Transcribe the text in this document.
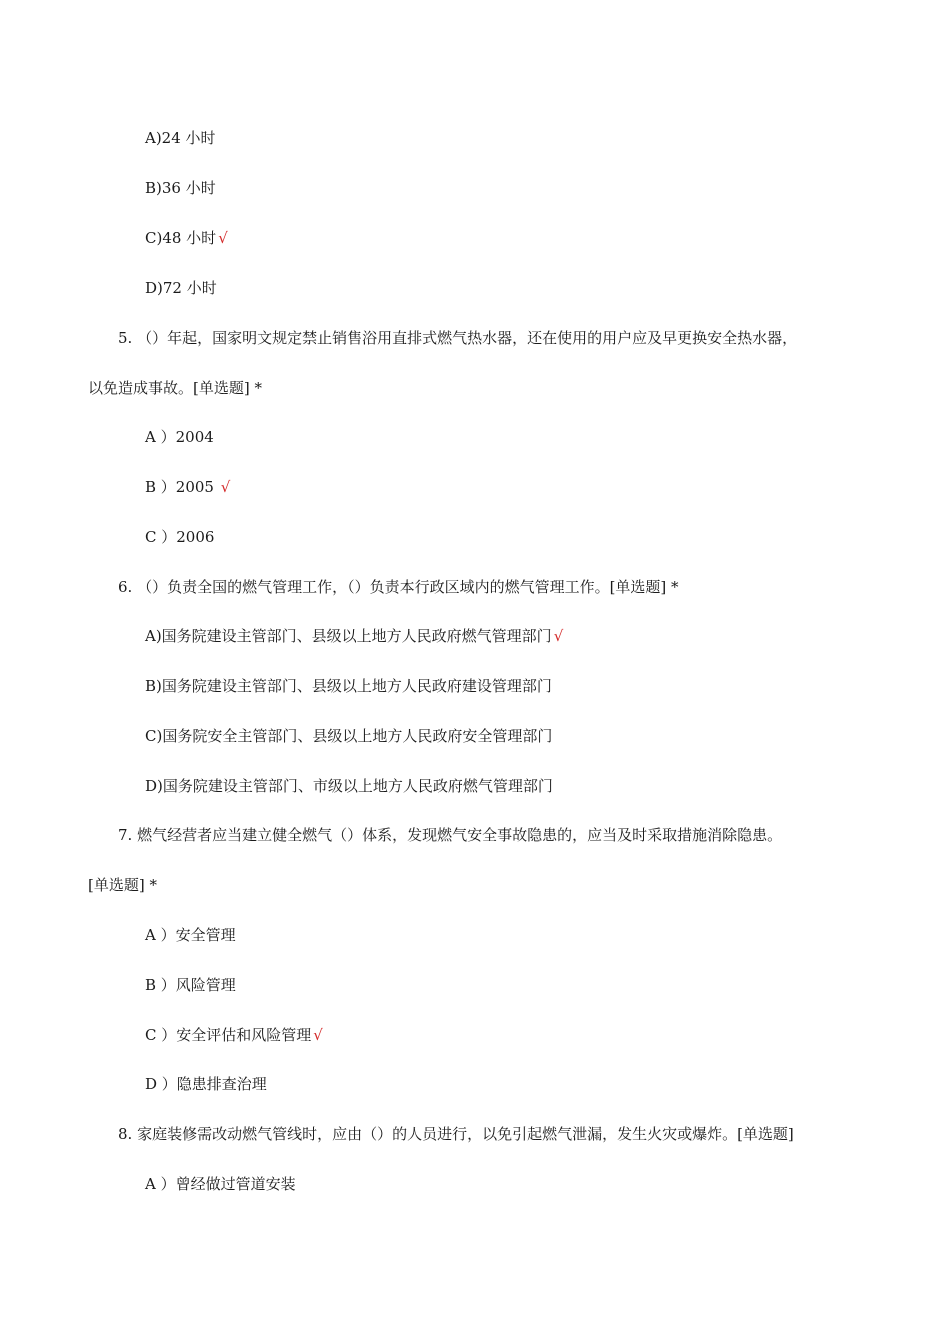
A)24 小时
B)36 小时
C)48 小时 √
D)72 小时
5. （）年起，国家明文规定禁止销售浴用直排式燃气热水器，还在使用的用户应及早更换安全热水器，
以免造成事故。[单选题] *
A ）2004
B ）2005 √
C ）2006
6. （）负责全国的燃气管理工作，（）负责本行政区域内的燃气管理工作。[单选题] *
A)国务院建设主管部门、县级以上地方人民政府燃气管理部门 √
B)国务院建设主管部门、县级以上地方人民政府建设管理部门
C)国务院安全主管部门、县级以上地方人民政府安全管理部门
D)国务院建设主管部门、市级以上地方人民政府燃气管理部门
7. 燃气经营者应当建立健全燃气（）体系，发现燃气安全事故隐患的，应当及时采取措施消除隐患。
[单选题] *
A ）安全管理
B ）风险管理
C ）安全评估和风险管理 √
D ）隐患排查治理
8. 家庭装修需改动燃气管线时，应由（）的人员进行，以免引起燃气泄漏，发生火灾或爆炸。[单选题]
A ）曾经做过管道安装
